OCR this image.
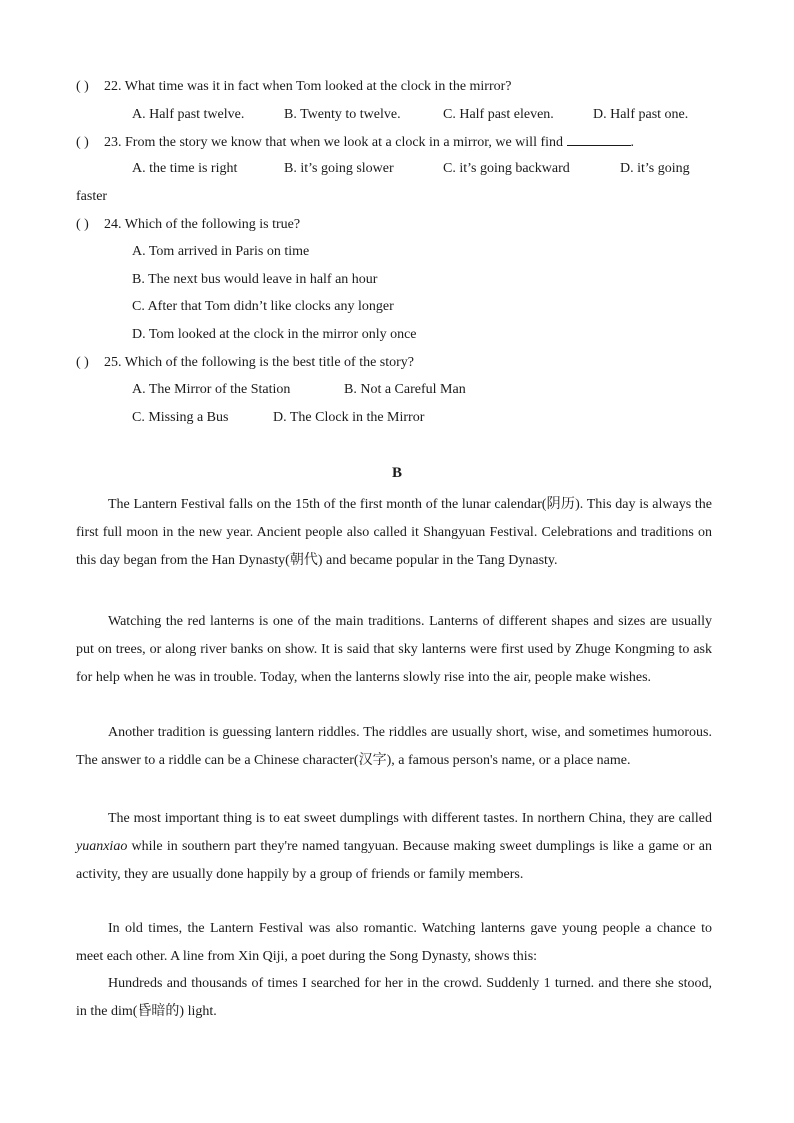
( ) 22. What time was it in fact when Tom looked at the clock in the mirror?
A. Half past twelve.	B. Twenty to twelve.	C. Half past eleven.	D. Half past one.
( ) 23. From the story we know that when we look at a clock in a mirror, we will find	.
A. the time is right	B. it’s going slower	C. it’s going backward	D. it’s going
faster
( ) 24. Which of the following is true?
A. Tom arrived in Paris on time
B. The next bus would leave in half an hour
C. After that Tom didn’t like clocks any longer
D. Tom looked at the clock in the mirror only once
( ) 25. Which of the following is the best title of the story?
A. The Mirror of the Station	B. Not a Careful Man
C. Missing a Bus	D. The Clock in the Mirror
B
The Lantern Festival falls on the 15th of the first month of the lunar calendar(阴历). This day is always the first full moon in the new year. Ancient people also called it Shangyuan Festival. Celebrations and traditions on this day began from the Han Dynasty(朝代) and became popular in the Tang Dynasty.
Watching the red lanterns is one of the main traditions. Lanterns of different shapes and sizes are usually put on trees, or along river banks on show. It is said that sky lanterns were first used by Zhuge Kongming to ask for help when he was in trouble. Today, when the lanterns slowly rise into the air, people make wishes.
Another tradition is guessing lantern riddles. The riddles are usually short, wise, and sometimes humorous. The answer to a riddle can be a Chinese character(汉字), a famous person's name, or a place name.
The most important thing is to eat sweet dumplings with different tastes. In northern China, they are called yuanxiao while in southern part they're named tangyuan. Because making sweet dumplings is like a game or an activity, they are usually done happily by a group of friends or family members.
In old times, the Lantern Festival was also romantic. Watching lanterns gave young people a chance to meet each other. A line from Xin Qiji, a poet during the Song Dynasty, shows this:
Hundreds and thousands of times I searched for her in the crowd. Suddenly 1 turned. and there she stood, in the dim(昏暗的) light.
